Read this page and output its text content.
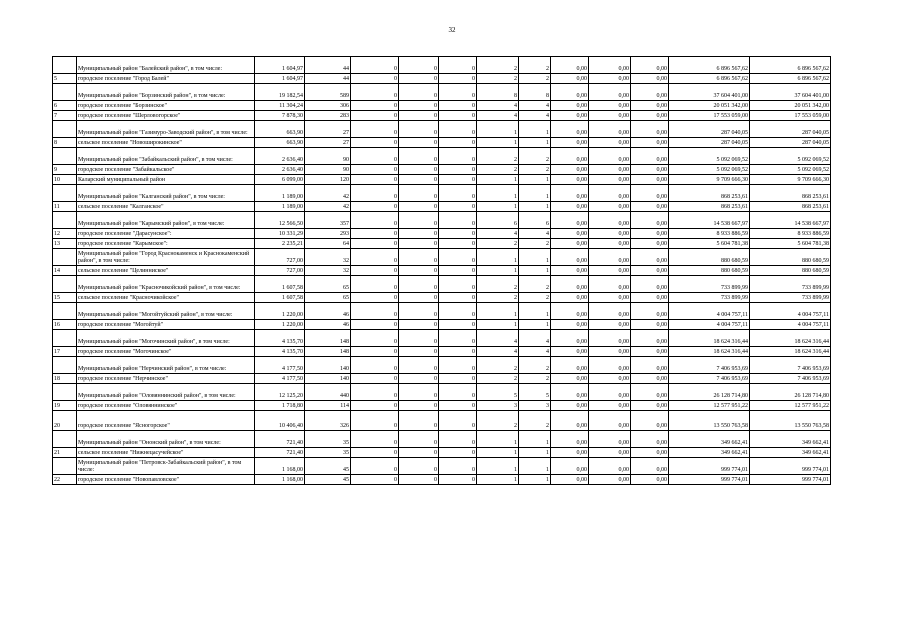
32
	Муниципальный район "Балейский район", в том числе:	1 604,97	44	0	0	0	2	2	0,00	0,00	0,00	6 896 567,62	6 896 567,62
5	городское поселение "Город Балей"	1 604,97	44	0	0	0	2	2	0,00	0,00	0,00	6 896 567,62	6 896 567,62
	Муниципальный район "Борзинский район", в том числе:	19 182,54	589	0	0	0	8	8	0,00	0,00	0,00	37 604 401,00	37 604 401,00
6	городское поселение "Борзинское"	11 304,24	306	0	0	0	4	4	0,00	0,00	0,00	20 051 342,00	20 051 342,00
7	городское поселение "Шерловогорское"	7 878,30	283	0	0	0	4	4	0,00	0,00	0,00	17 553 059,00	17 553 059,00
	Муниципальный район "Газимуро-Заводский район", в том числе:	663,90	27	0	0	0	1	1	0,00	0,00	0,00	287 040,05	287 040,05
8	сельское поселение "Новоширокинское"	663,90	27	0	0	0	1	1	0,00	0,00	0,00	287 040,05	287 040,05
	Муниципальный район "Забайкальский район", в том числе:	2 636,40	90	0	0	0	2	2	0,00	0,00	0,00	5 092 069,52	5 092 069,52
9	городское поселение "Забайкальское"	2 636,40	90	0	0	0	2	2	0,00	0,00	0,00	5 092 069,52	5 092 069,52
10	Каларский муниципальный район	6 099,00	120	0	0	0	1	1	0,00	0,00	0,00	9 709 666,30	9 709 666,30
	Муниципальный район "Калганский район", в том числе:	1 189,00	42	0	0	0	1	1	0,00	0,00	0,00	868 253,61	868 253,61
11	сельское поселение "Калганское"	1 189,00	42	0	0	0	1	1	0,00	0,00	0,00	868 253,61	868 253,61
	Муниципальный район "Карымский район", в том числе:	12 566,50	357	0	0	0	6	6	0,00	0,00	0,00	14 538 667,97	14 538 667,97
12	городское поселение "Дарасунское":	10 331,29	293	0	0	0	4	4	0,00	0,00	0,00	8 933 886,59	8 933 886,59
13	городское поселение "Карымское":	2 235,21	64	0	0	0	2	2	0,00	0,00	0,00	5 604 781,38	5 604 781,38
	Муниципальный район "Город Краснокаменск и Краснокаменский район", в том числе:	727,00	32	0	0	0	1	1	0,00	0,00	0,00	880 680,59	880 680,59
14	сельское поселение "Целинниское"	727,00	32	0	0	0	1	1	0,00	0,00	0,00	880 680,59	880 680,59
	Муниципальный район "Красночикойский район", в том числе:	1 607,58	65	0	0	0	2	2	0,00	0,00	0,00	733 899,99	733 899,99
15	сельское поселение "Красночикойское"	1 607,58	65	0	0	0	2	2	0,00	0,00	0,00	733 899,99	733 899,99
	Муниципальный район "Могойтуйский район", в том числе:	1 220,00	46	0	0	0	1	1	0,00	0,00	0,00	4 004 757,11	4 004 757,11
16	городское поселение "Могойтуй"	1 220,00	46	0	0	0	1	1	0,00	0,00	0,00	4 004 757,11	4 004 757,11
	Муниципальный район "Могочинский район", в том числе:	4 135,70	148	0	0	0	4	4	0,00	0,00	0,00	18 624 316,44	18 624 316,44
17	городское поселение "Могочинское"	4 135,70	148	0	0	0	4	4	0,00	0,00	0,00	18 624 316,44	18 624 316,44
	Муниципальный район "Нерчинский район", в том числе:	4 177,50	140	0	0	0	2	2	0,00	0,00	0,00	7 406 953,69	7 406 953,69
18	городское поселение "Нерчинское"	4 177,50	140	0	0	0	2	2	0,00	0,00	0,00	7 406 953,69	7 406 953,69
	Муниципальный район "Оловяннинский район", в том числе:	12 125,20	440	0	0	0	5	5	0,00	0,00	0,00	26 128 714,80	26 128 714,80
19	городское поселение "Оловяннинское"	1 718,80	114	0	0	0	3	3	0,00	0,00	0,00	12 577 951,22	12 577 951,22
20	городское поселение "Ясногорское"	10 406,40	326	0	0	0	2	2	0,00	0,00	0,00	13 550 763,58	13 550 763,58
	Муниципальный район "Ононский район", в том числе:	721,40	35	0	0	0	1	1	0,00	0,00	0,00	349 662,41	349 662,41
21	сельское поселение "Нижнецасучейское"	721,40	35	0	0	0	1	1	0,00	0,00	0,00	349 662,41	349 662,41
	Муниципальный район "Петровск-Забайкальский район", в том числе:	1 168,00	45	0	0	0	1	1	0,00	0,00	0,00	999 774,01	999 774,01
22	городское поселение "Новопавловское"	1 168,00	45	0	0	0	1	1	0,00	0,00	0,00	999 774,01	999 774,01
